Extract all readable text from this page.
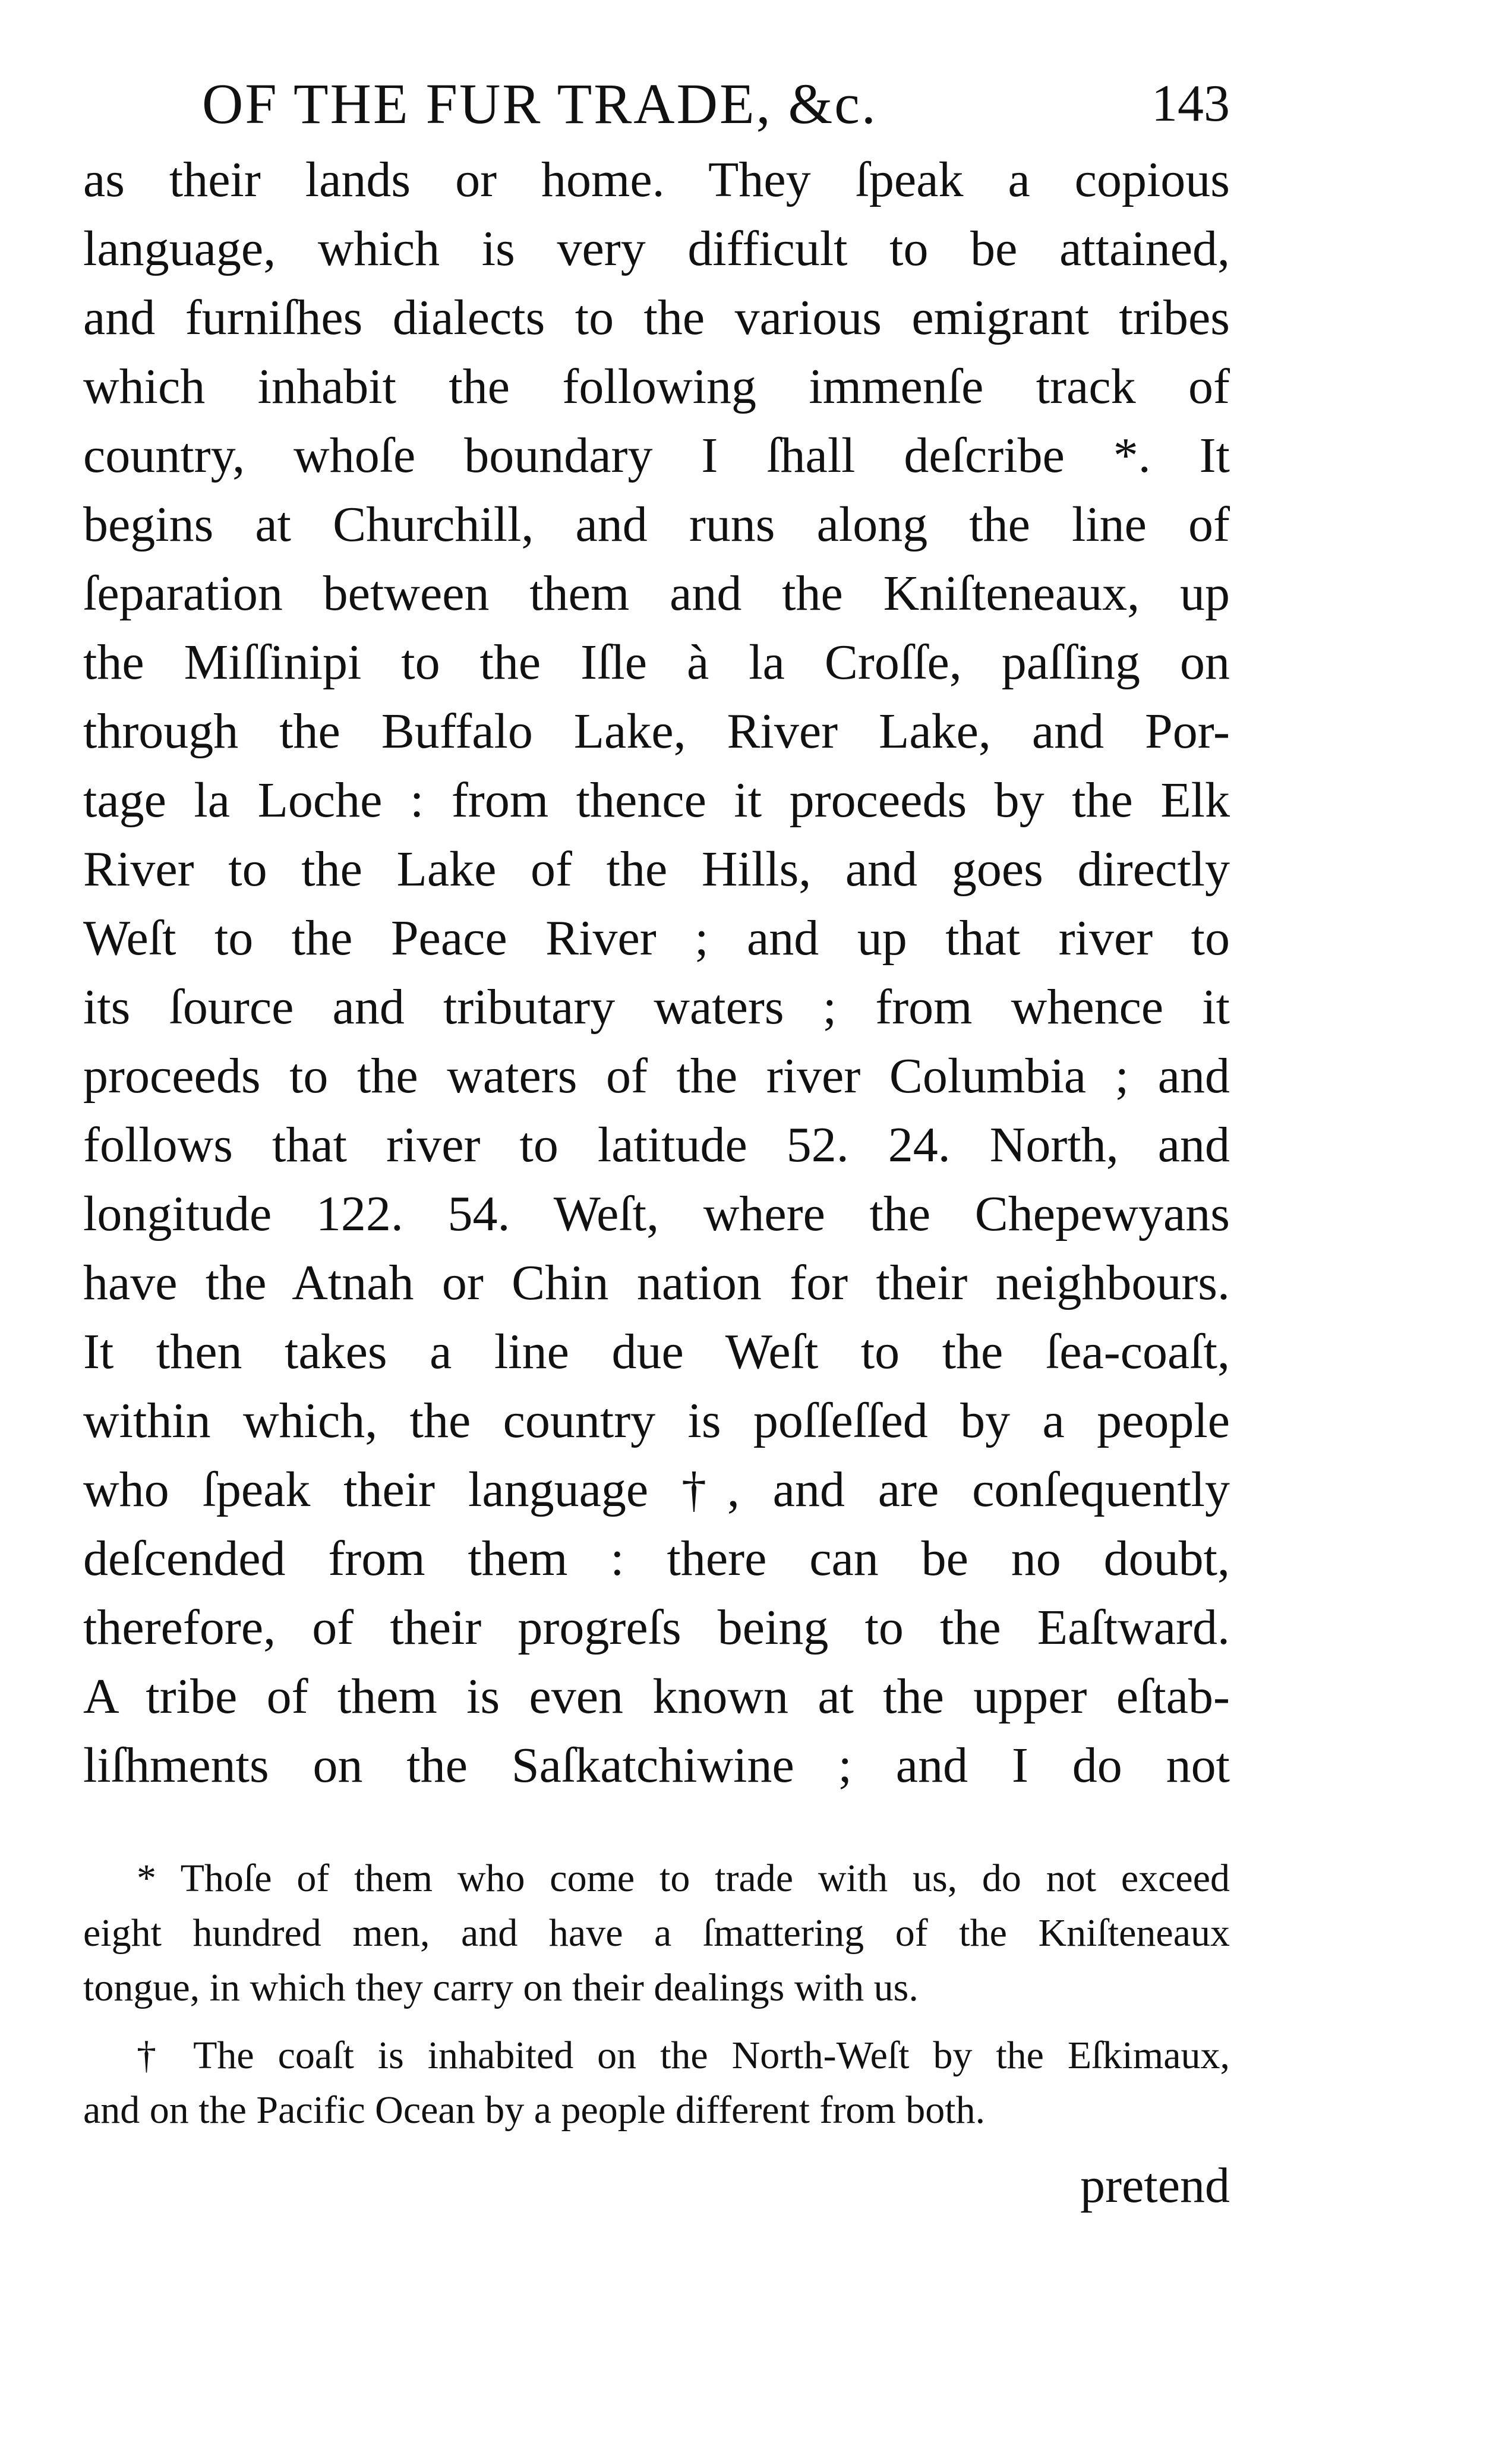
OF THE FUR TRADE, &c.	143
as their lands or home. They ſpeak a copious
language, which is very difficult to be attained,
and furniſhes dialects to the various emigrant tribes
which inhabit the following immenſe track of
country, whoſe boundary I ſhall deſcribe *. It
begins at Churchill, and runs along the line of
ſeparation between them and the Kniſteneaux, up
the Miſſinipi to the Iſle à la Croſſe, paſſing on
through the Buffalo Lake, River Lake, and Por-
tage la Loche : from thence it proceeds by the Elk
River to the Lake of the Hills, and goes directly
Weſt to the Peace River ; and up that river to
its ſource and tributary waters ; from whence it
proceeds to the waters of the river Columbia ; and
follows that river to latitude 52. 24. North, and
longitude 122. 54. Weſt, where the Chepewyans
have the Atnah or Chin nation for their neighbours.
It then takes a line due Weſt to the ſea-coaſt,
within which, the country is poſſeſſed by a people
who ſpeak their language †, and are conſequently
deſcended from them : there can be no doubt,
therefore, of their progreſs being to the Eaſtward.
A tribe of them is even known at the upper eſtab-
liſhments on the Saſkatchiwine ; and I do not
* Thoſe of them who come to trade with us, do not exceed
eight hundred men, and have a ſmattering of the Kniſteneaux
tongue, in which they carry on their dealings with us.
† The coaſt is inhabited on the North-Weſt by the Eſkimaux,
and on the Pacific Ocean by a people different from both.
pretend
